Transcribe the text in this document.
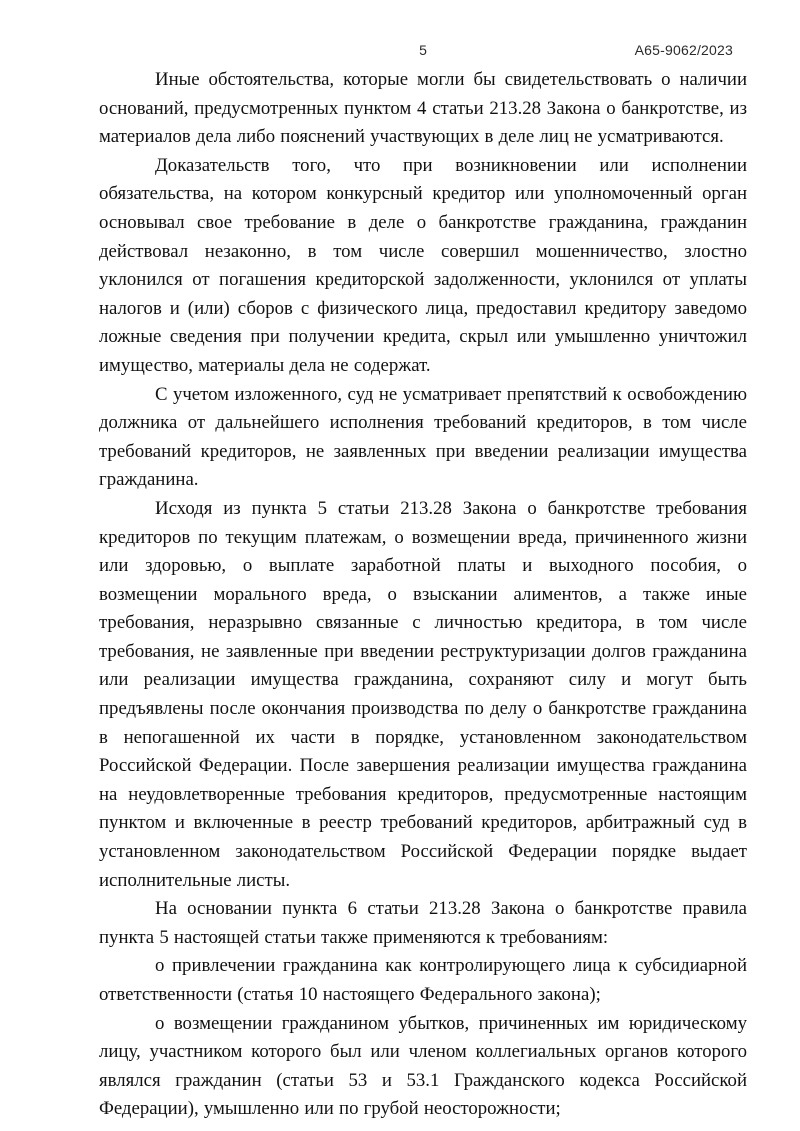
5	А65-9062/2023

Иные обстоятельства, которые могли бы свидетельствовать о наличии оснований, предусмотренных пунктом 4 статьи 213.28 Закона о банкротстве, из материалов дела либо пояснений участвующих в деле лиц не усматриваются.

Доказательств того, что при возникновении или исполнении обязательства, на котором конкурсный кредитор или уполномоченный орган основывал свое требование в деле о банкротстве гражданина, гражданин действовал незаконно, в том числе совершил мошенничество, злостно уклонился от погашения кредиторской задолженности, уклонился от уплаты налогов и (или) сборов с физического лица, предоставил кредитору заведомо ложные сведения при получении кредита, скрыл или умышленно уничтожил имущество, материалы дела не содержат.

С учетом изложенного, суд не усматривает препятствий к освобождению должника от дальнейшего исполнения требований кредиторов, в том числе требований кредиторов, не заявленных при введении реализации имущества гражданина.

Исходя из пункта 5 статьи 213.28 Закона о банкротстве требования кредиторов по текущим платежам, о возмещении вреда, причиненного жизни или здоровью, о выплате заработной платы и выходного пособия, о возмещении морального вреда, о взыскании алиментов, а также иные требования, неразрывно связанные с личностью кредитора, в том числе требования, не заявленные при введении реструктуризации долгов гражданина или реализации имущества гражданина, сохраняют силу и могут быть предъявлены после окончания производства по делу о банкротстве гражданина в непогашенной их части в порядке, установленном законодательством Российской Федерации. После завершения реализации имущества гражданина на неудовлетворенные требования кредиторов, предусмотренные настоящим пунктом и включенные в реестр требований кредиторов, арбитражный суд в установленном законодательством Российской Федерации порядке выдает исполнительные листы.

На основании пункта 6 статьи 213.28 Закона о банкротстве правила пункта 5 настоящей статьи также применяются к требованиям:

о привлечении гражданина как контролирующего лица к субсидиарной ответственности (статья 10 настоящего Федерального закона);

о возмещении гражданином убытков, причиненных им юридическому лицу, участником которого был или членом коллегиальных органов которого являлся гражданин (статьи 53 и 53.1 Гражданского кодекса Российской Федерации), умышленно или по грубой неосторожности;
